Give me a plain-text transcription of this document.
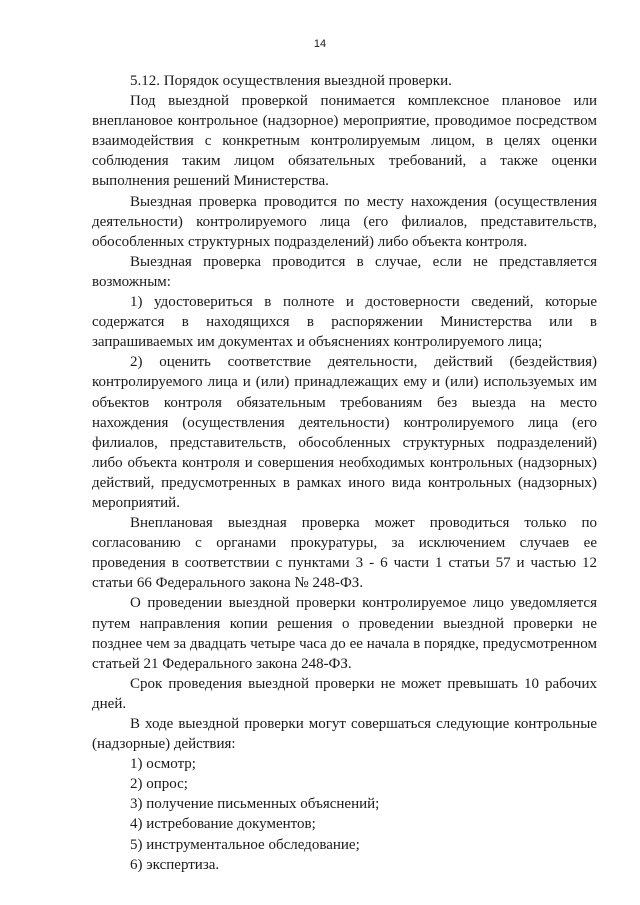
14

5.12. Порядок осуществления выездной проверки.

Под выездной проверкой понимается комплексное плановое или внеплановое контрольное (надзорное) мероприятие, проводимое посредством взаимодействия с конкретным контролируемым лицом, в целях оценки соблюдения таким лицом обязательных требований, а также оценки выполнения решений Министерства.

Выездная проверка проводится по месту нахождения (осуществления деятельности) контролируемого лица (его филиалов, представительств, обособленных структурных подразделений) либо объекта контроля.

Выездная проверка проводится в случае, если не представляется возможным:

1) удостовериться в полноте и достоверности сведений, которые содержатся в находящихся в распоряжении Министерства или в запрашиваемых им документах и объяснениях контролируемого лица;

2) оценить соответствие деятельности, действий (бездействия) контролируемого лица и (или) принадлежащих ему и (или) используемых им объектов контроля обязательным требованиям без выезда на место нахождения (осуществления деятельности) контролируемого лица (его филиалов, представительств, обособленных структурных подразделений) либо объекта контроля и совершения необходимых контрольных (надзорных) действий, предусмотренных в рамках иного вида контрольных (надзорных) мероприятий.

Внеплановая выездная проверка может проводиться только по согласованию с органами прокуратуры, за исключением случаев ее проведения в соответствии с пунктами 3 - 6 части 1 статьи 57 и частью 12 статьи 66 Федерального закона № 248-ФЗ.

О проведении выездной проверки контролируемое лицо уведомляется путем направления копии решения о проведении выездной проверки не позднее чем за двадцать четыре часа до ее начала в порядке, предусмотренном статьей 21 Федерального закона 248-ФЗ.

Срок проведения выездной проверки не может превышать 10 рабочих дней.

В ходе выездной проверки могут совершаться следующие контрольные (надзорные) действия:

1) осмотр;

2) опрос;

3) получение письменных объяснений;

4) истребование документов;

5) инструментальное обследование;

6) экспертиза.
